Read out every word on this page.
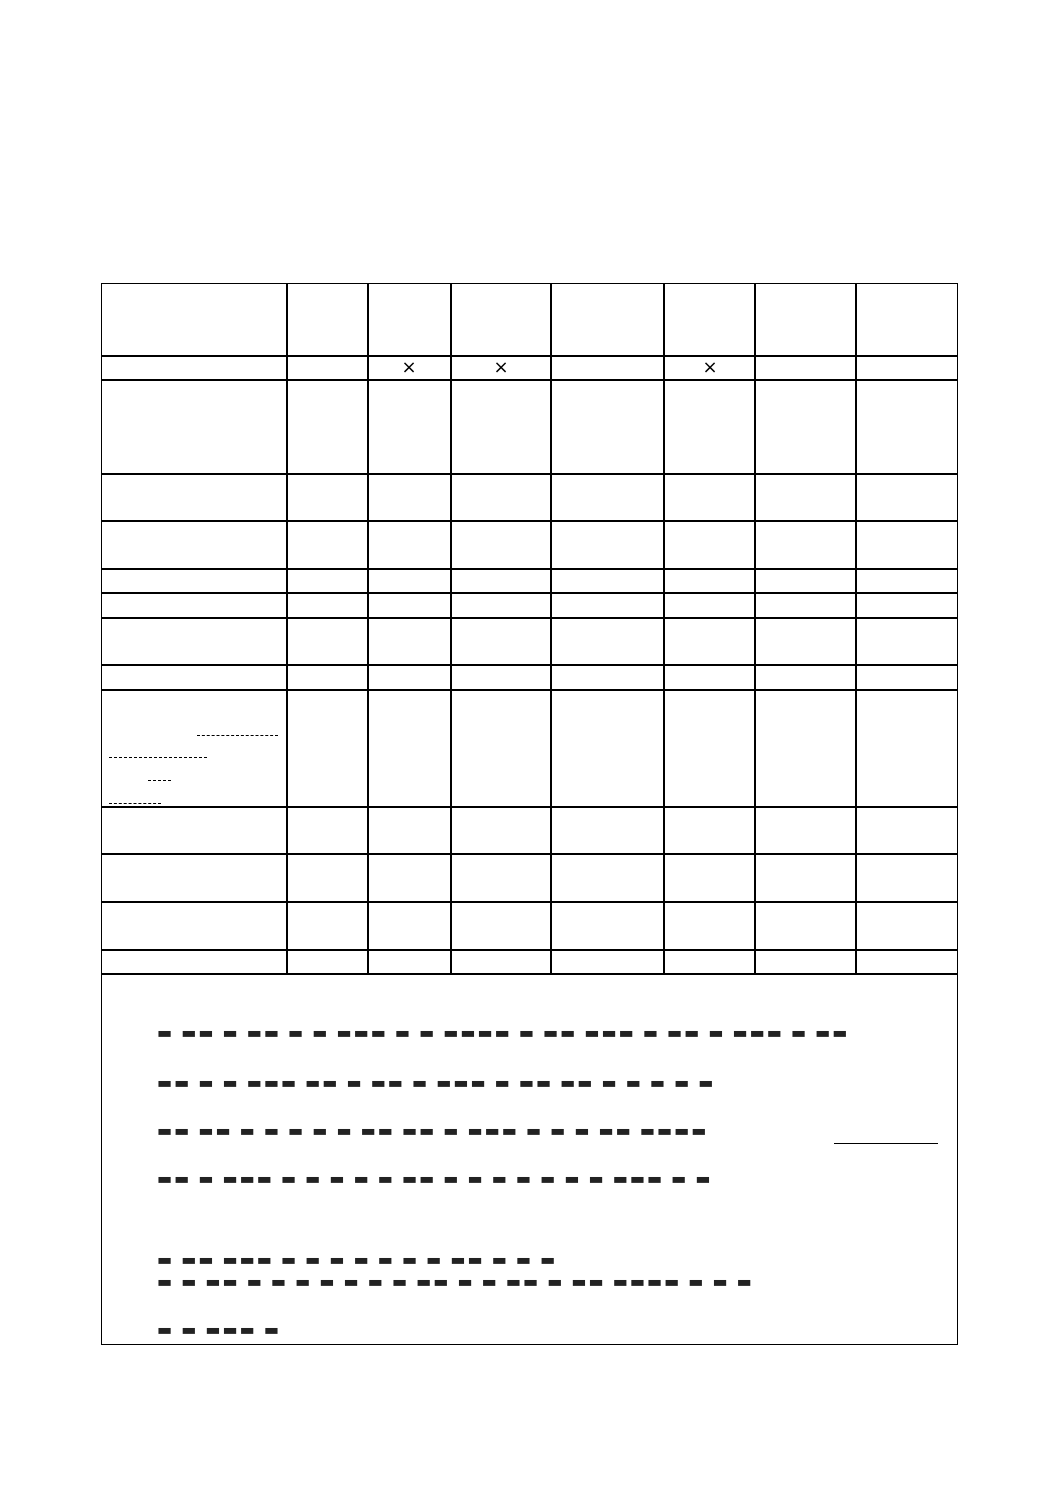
×	×	×
▬ ▬▬ ▬ ▬▬ ▬ ▬ ▬▬▬ ▬ ▬ ▬▬▬▬ ▬ ▬▬ ▬▬▬ ▬ ▬▬ ▬ ▬▬▬ ▬ ▬▬
▬▬ ▬ ▬ ▬▬▬ ▬▬ ▬ ▬▬ ▬ ▬▬▬ ▬ ▬▬ ▬▬ ▬ ▬ ▬ ▬ ▬
▬▬ ▬▬ ▬ ▬ ▬ ▬ ▬ ▬▬ ▬▬ ▬ ▬▬▬ ▬ ▬ ▬ ▬▬ ▬▬▬▬
▬▬ ▬ ▬▬▬ ▬ ▬ ▬ ▬ ▬ ▬▬ ▬ ▬ ▬ ▬ ▬ ▬ ▬ ▬▬▬ ▬ ▬
▬ ▬▬ ▬▬▬ ▬ ▬ ▬ ▬ ▬ ▬ ▬ ▬▬ ▬ ▬ ▬
▬ ▬ ▬▬ ▬ ▬ ▬ ▬ ▬ ▬ ▬ ▬▬ ▬ ▬ ▬▬ ▬ ▬▬ ▬▬▬▬ ▬ ▬ ▬
▬ ▬ ▬▬▬ ▬
